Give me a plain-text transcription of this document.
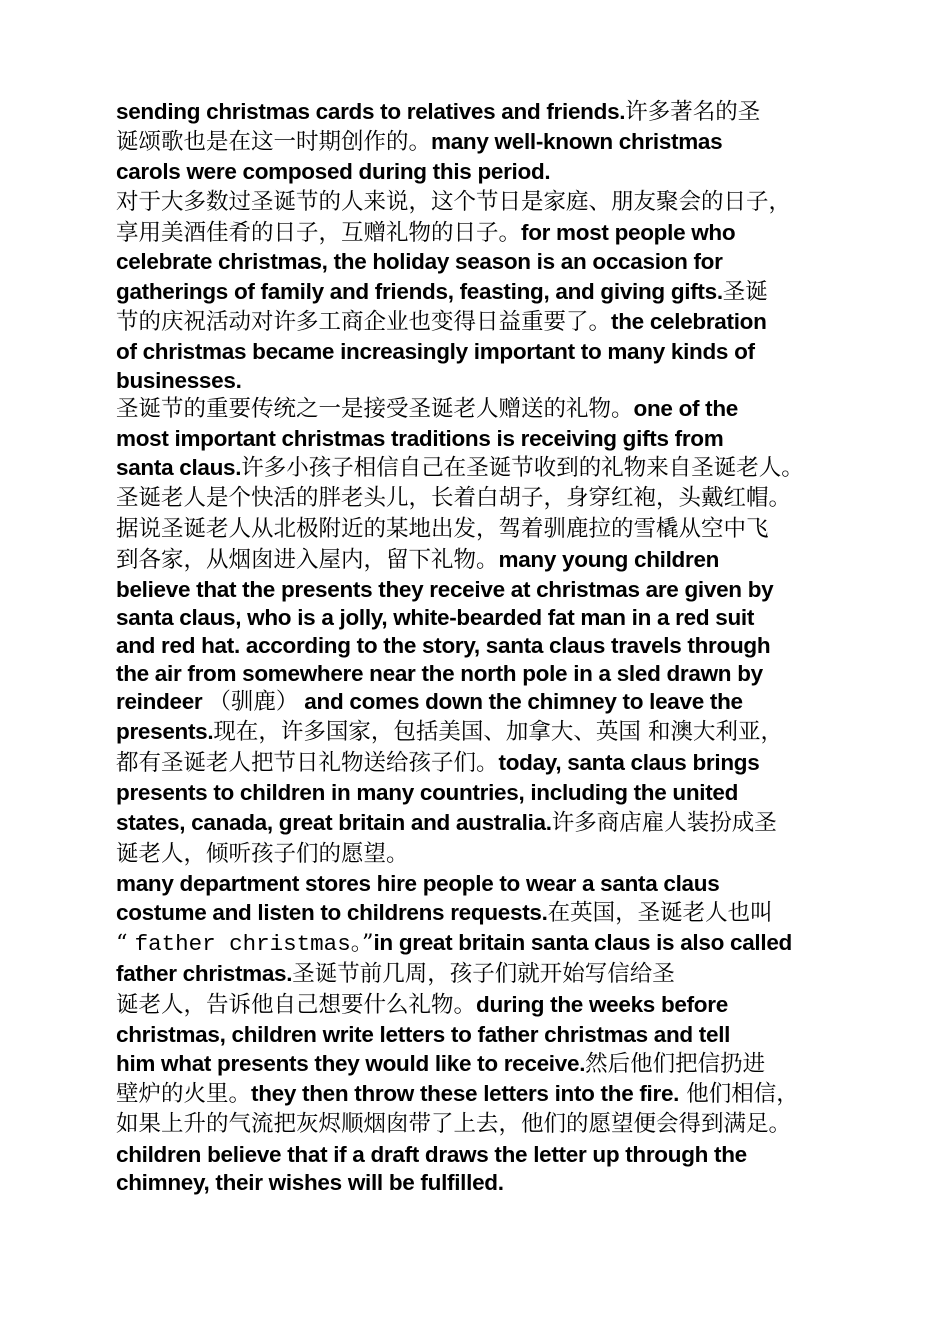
sending christmas cards to relatives and friends.许多著名的圣
诞颂歌也是在这一时期创作的。many well-known christmas
carols were composed during this period.
对于大多数过圣诞节的人来说，这个节日是家庭、朋友聚会的日子，
享用美酒佳肴的日子，互赠礼物的日子。for most people who
celebrate christmas, the holiday season is an occasion for
gatherings of family and friends, feasting, and giving gifts.圣诞
节的庆祝活动对许多工商企业也变得日益重要了。the celebration
of christmas became increasingly important to many kinds of
businesses.
圣诞节的重要传统之一是接受圣诞老人赠送的礼物。one of the
most important christmas traditions is receiving gifts from
santa claus.许多小孩子相信自己在圣诞节收到的礼物来自圣诞老人。
圣诞老人是个快活的胖老头儿，长着白胡子，身穿红袍，头戴红帽。
据说圣诞老人从北极附近的某地出发，驾着驯鹿拉的雪橇从空中飞
到各家，从烟囱进入屋内，留下礼物。many young children
believe that the presents they receive at christmas are given by
santa claus, who is a jolly, white-bearded fat man in a red suit
and red hat. according to the story, santa claus travels through
the air from somewhere near the north pole in a sled drawn by
reindeer （驯鹿） and comes down the chimney to leave the
presents.现在，许多国家，包括美国、加拿大、英国 和澳大利亚，
都有圣诞老人把节日礼物送给孩子们。today, santa claus brings
presents to children in many countries, including the united
states, canada, great britain and australia.许多商店雇人装扮成圣
诞老人，倾听孩子们的愿望。
many department stores hire people to wear a santa claus
costume and listen to childrens requests.在英国，圣诞老人也叫
“ father christmas。”in great britain santa claus is also called
father christmas.圣诞节前几周，孩子们就开始写信给圣
诞老人，告诉他自己想要什么礼物。during the weeks before
christmas, children write letters to father christmas and tell
him what presents they would like to receive.然后他们把信扔进
壁炉的火里。they then throw these letters into the fire. 他们相信，
如果上升的气流把灰烬顺烟囱带了上去，他们的愿望便会得到满足。
children believe that if a draft draws the letter up through the
chimney, their wishes will be fulfilled.
